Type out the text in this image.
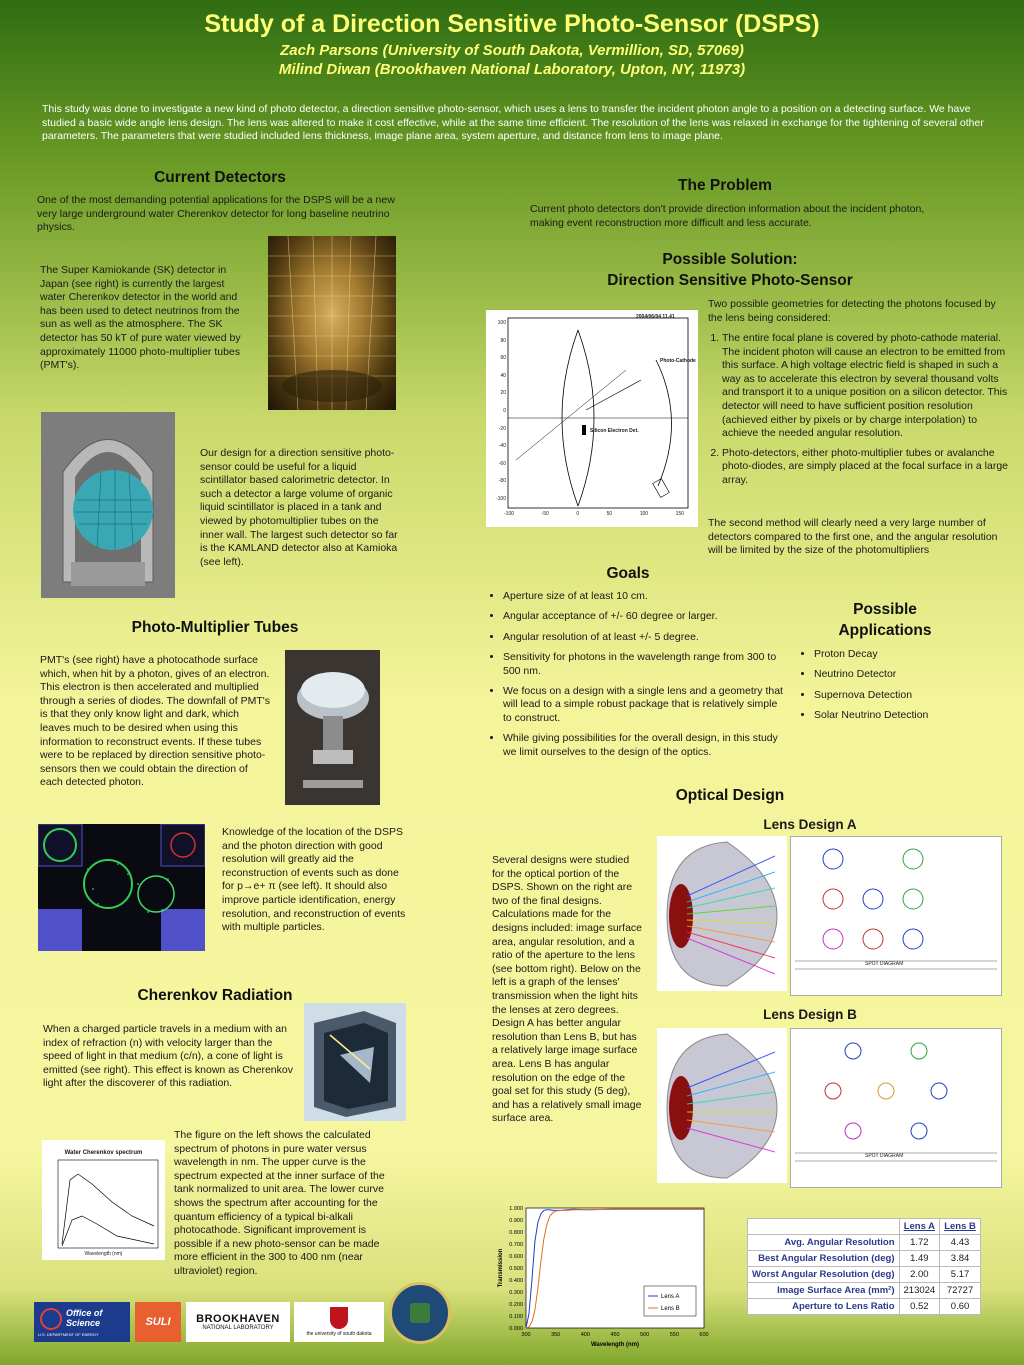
Study of a Direction Sensitive Photo-Sensor (DSPS)
Zach Parsons (University of South Dakota, Vermillion, SD, 57069)
Milind Diwan (Brookhaven National Laboratory, Upton, NY, 11973)
This study was done to investigate a new kind of photo detector, a direction sensitive photo-sensor, which uses a lens to transfer the incident photon angle to a position on a detecting surface. We have studied a basic wide angle lens design. The lens was altered to make it cost effective, while at the same time efficient. The resolution of the lens was relaxed in exchange for the tightening of several other parameters. The parameters that were studied included lens thickness, image plane area, system aperture, and distance from lens to image plane.
Current Detectors
One of the most demanding potential applications for the DSPS will be a new very large underground water Cherenkov detector for long baseline neutrino physics.
The Super Kamiokande (SK) detector in Japan (see right) is currently the largest water Cherenkov detector in the world and has been used to detect neutrinos from the sun as well as the atmosphere. The SK detector has 50 kT of pure water viewed by approximately 11000 photo-multiplier tubes (PMT's).
Our design for a direction sensitive photo-sensor could be useful for a liquid scintillator based calorimetric detector. In such a detector a large volume of organic liquid scintillator is placed in a tank and viewed by photomultiplier tubes on the inner wall. The largest such detector so far is the KAMLAND detector also at Kamioka (see left).
Photo-Multiplier Tubes
PMT's (see right) have a photocathode surface which, when hit by a photon, gives of an electron. This electron is then accelerated and multiplied through a series of diodes. The downfall of PMT's is that they only know light and dark, which leaves much to be desired when using this information to reconstruct events. If these tubes were to be replaced by direction sensitive photo-sensors then we could obtain the direction of each detected photon.
Knowledge of the location of the DSPS and the photon direction with good resolution will greatly aid the reconstruction of events such as done for p→e+ π (see left). It should also improve particle identification, energy resolution, and reconstruction of events with multiple particles.
Cherenkov Radiation
When a charged particle travels in a medium with an index of refraction (n) with velocity larger than the speed of light in that medium (c/n), a cone of light is emitted (see right). This effect is known as Cherenkov light after the discoverer of this radiation.
Water Cherenkov spectrum
Wavelength (nm)
The figure on the left shows the calculated spectrum of photons in pure water versus wavelength in nm. The upper curve is the spectrum expected at the inner surface of the tank normalized to unit area. The lower curve shows the spectrum after accounting for the quantum efficiency of a typical bi-alkali photocathode. Significant improvement is possible if a new photo-sensor can be made more efficient in the 300 to 400 nm (near ultraviolet) region.
Office of Science
U.S. DEPARTMENT OF ENERGY
SULI BROOKHAVEN
NATIONAL LABORATORY
the university of south dakota
The Problem
Current photo detectors don't provide direction information about the incident photon, making event reconstruction more difficult and less accurate.
Possible Solution:
Direction Sensitive Photo-Sensor
2004/06/04 11.41
Photo-Cathode
Silicon Electron Det.
100
80
60
40
20
0
-20
-40
-60
-80
-100
-100	-50	0	50	100	150
Two possible geometries for detecting the photons focused by the lens being considered:
1. The entire focal plane is covered by photo-cathode material. The incident photon will cause an electron to be emitted from this surface. A high voltage electric field is shaped in such a way as to accelerate this electron by several thousand volts and transport it to a unique position on a silicon detector. This detector will need to have sufficient position resolution (achieved either by pixels or by charge interpolation) to achieve the needed angular resolution.
2. Photo-detectors, either photo-multiplier tubes or avalanche photo-diodes, are simply placed at the focal surface in a large array.
The second method will clearly need a very large number of detectors compared to the first one, and the angular resolution will be limited by the size of the photomultipliers
Goals
• Aperture size of at least 10 cm.
• Angular acceptance of +/- 60 degree or larger.
• Angular resolution of at least +/- 5 degree.
• Sensitivity for photons in the wavelength range from 300 to 500 nm.
• We focus on a design with a single lens and a geometry that will lead to a simple robust package that is relatively simple to construct.
• While giving possibilities for the overall design, in this study we limit ourselves to the design of the optics.
Possible
Applications
• Proton Decay
• Neutrino Detector
• Supernova Detection
• Solar Neutrino Detection
Optical Design
Lens Design A
Lens Design B
SPOT DIAGRAM
SPOT DIAGRAM
Several designs were studied for the optical portion of the DSPS. Shown on the right are two of the final designs. Calculations made for the designs included: image surface area, angular resolution, and a ratio of the aperture to the lens (see bottom right). Below on the left is a graph of the lenses' transmission when the light hits the lenses at zero degrees. Design A has better angular resolution than Lens B, but has a relatively large image surface area. Lens B has angular resolution on the edge of the goal set for this study (5 deg), and has a relatively small image surface area.
0.000
0.100
0.200
0.300
0.400
0.500
0.600
0.700
0.800
0.900
1.000
300	350	400	450	500	550	600
Wavelength (nm)
Transmission
Lens A
Lens B
	Lens A	Lens B
Avg. Angular Resolution	1.72	4.43
Best Angular Resolution (deg)	1.49	3.84
Worst Angular Resolution (deg)	2.00	5.17
Image Surface Area (mm²)	213024	72727
Aperture to Lens Ratio	0.52	0.60
